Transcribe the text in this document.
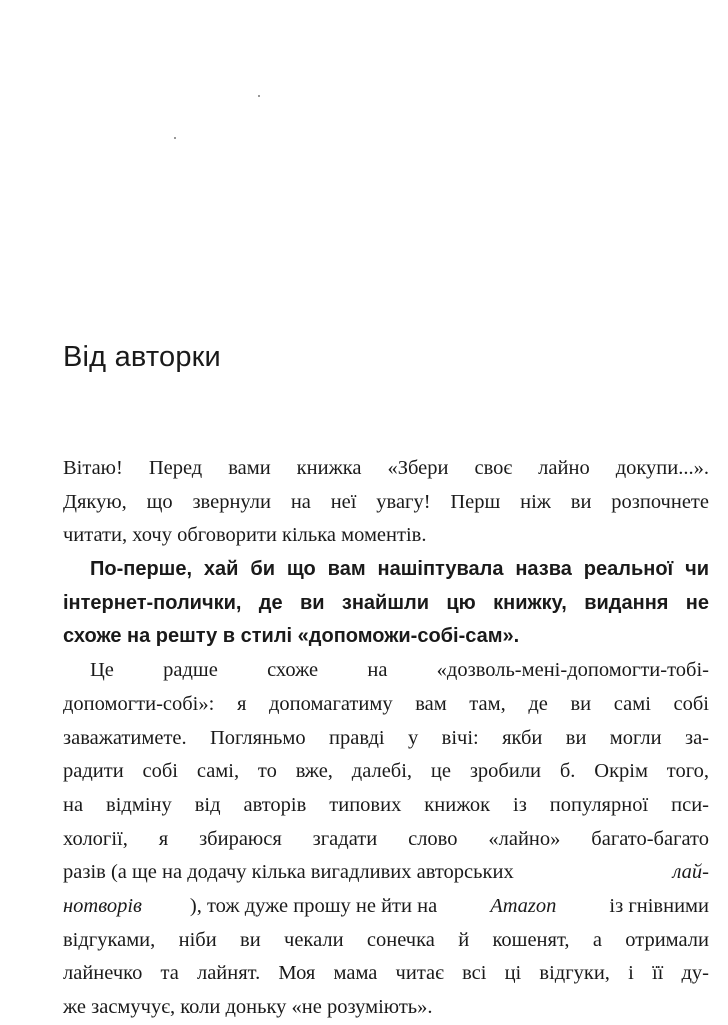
Від авторки
Вітаю! Перед вами книжка «Збери своє лайно докупи...».
Дякую, що звернули на неї увагу! Перш ніж ви розпочнете
читати, хочу обговорити кілька моментів.
По-перше, хай би що вам нашіптувала назва реальної чи
інтернет-полички, де ви знайшли цю книжку, видання не
схоже на решту в стилі «допоможи-собі-сам».
Це радше схоже на «дозволь-мені-допомогти-тобі-
допомогти-собі»: я допомагатиму вам там, де ви самі собі
заважатимете. Погляньмо правді у вічі: якби ви могли за-
радити собі самі, то вже, далебі, це зробили б. Окрім того,
на відміну від авторів типових книжок із популярної пси-
хології, я збираюся згадати слово «лайно» багато-багато
разів (а ще на додачу кілька вигадливих авторських	лай-
нотворів ), тож дуже прошу не йти на Amazon із гнівними
відгуками, ніби ви чекали сонечка й кошенят, а отримали
лайнечко та лайнят. Моя мама читає всі ці відгуки, і її ду-
же засмучує, коли доньку «не розуміють».
